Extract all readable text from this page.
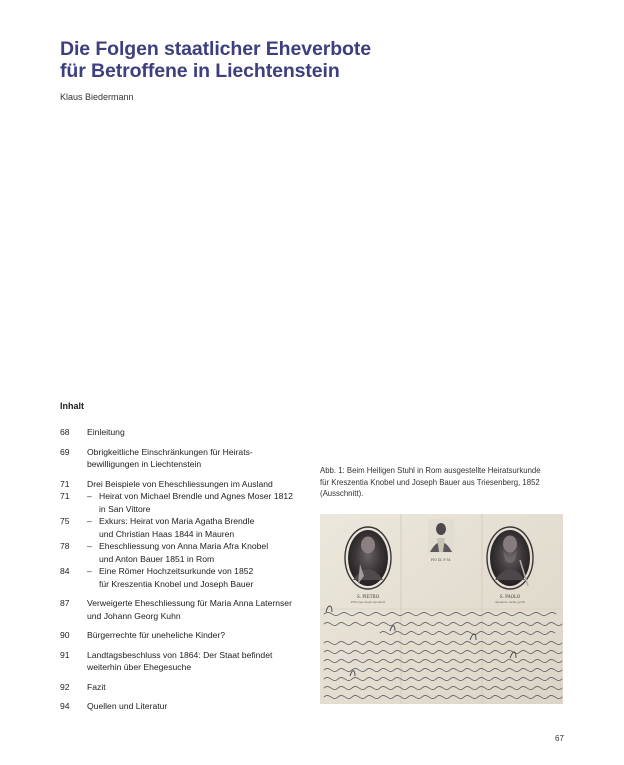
Die Folgen staatlicher Eheverbote
für Betroffene in Liechtenstein
Klaus Biedermann
Inhalt
68	Einleitung
69	Obrigkeitliche Einschränkungen für Heirats-
bewilligungen in Liechtenstein
71	Drei Beispiele von Eheschliessungen im Ausland
71	– Heirat von Michael Brendle und Agnes Moser 1812
in San Vittore
75	– Exkurs: Heirat von Maria Agatha Brendle
und Christian Haas 1844 in Mauren
78	– Eheschliessung von Anna Maria Afra Knobel
und Anton Bauer 1851 in Rom
84	– Eine Römer Hochzeitsurkunde von 1852
für Kreszentia Knobel und Joseph Bauer
87	Verweigerte Eheschliessung für Maria Anna Laternser
und Johann Georg Kuhn
90	Bürgerrechte für uneheliche Kinder?
91	Landtagsbeschluss von 1864: Der Staat befindet
weiterhin über Ehegesuche
92	Fazit
94	Quellen und Literatur
Abb. 1: Beim Heiligen Stuhl in Rom ausgestellte Heiratsurkunde
für Kreszentia Knobel und Joseph Bauer aus Triesenberg, 1852
(Ausschnitt).
S. PIETRO
Principe degli Apostoli
PIO IX. P. M.
S. PAOLO
Apostolo delle genti
67
